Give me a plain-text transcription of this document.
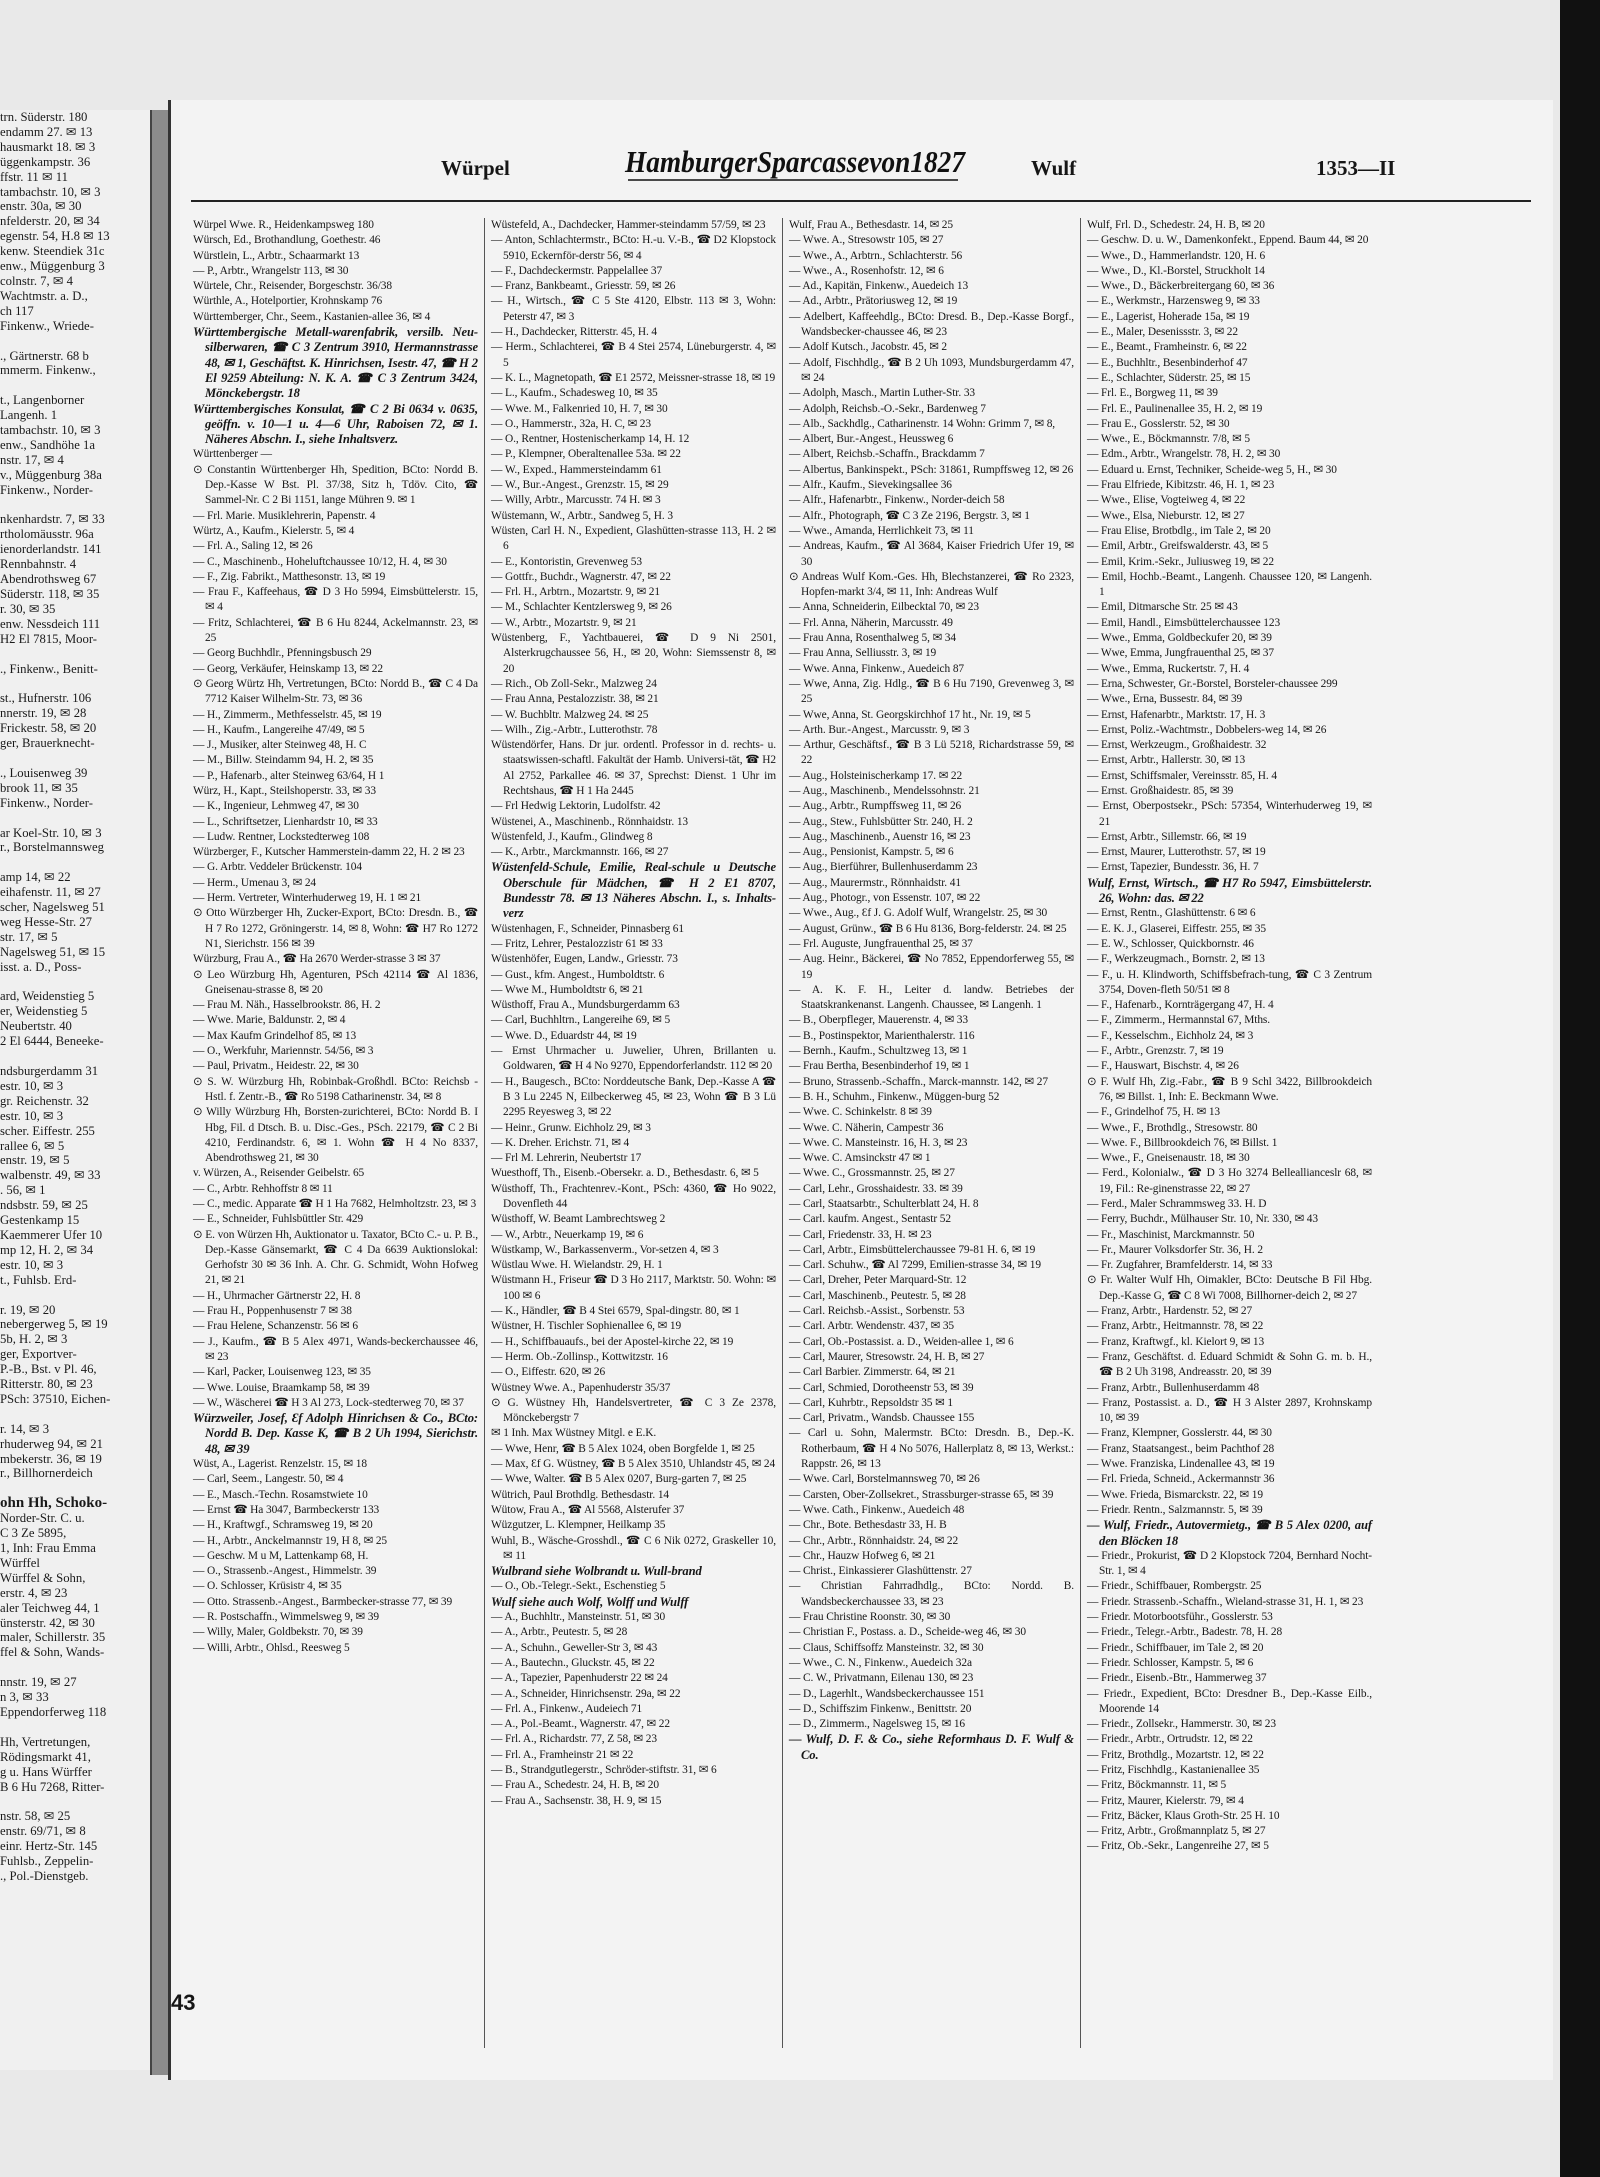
trn. Süderstr. 180
endamm 27. ✉ 13
hausmarkt 18. ✉ 3
üggenkampstr. 36
ffstr. 11 ✉ 11
tambachstr. 10, ✉ 3
enstr. 30a, ✉ 30
nfelderstr. 20, ✉ 34
egenstr. 54, H.8 ✉ 13
kenw. Steendiek 31c
enw., Müggenburg 3
colnstr. 7, ✉ 4
Wachtmstr. a. D.,
ch 117
Finkenw., Wriede-

., Gärtnerstr. 68 b
mmerm. Finkenw.,

t., Langenborner
Langenh. 1
tambachstr. 10, ✉ 3
enw., Sandhöhe 1a
nstr. 17, ✉ 4
v., Müggenburg 38a
Finkenw., Norder-

nkenhardstr. 7, ✉ 33
rtholomäusstr. 96a
ienorderlandstr. 141
Rennbahnstr. 4
Abendrothsweg 67
Süderstr. 118, ✉ 35
r. 30, ✉ 35
enw. Nessdeich 111
H2 El 7815, Moor-

., Finkenw., Benitt-

st., Hufnerstr. 106
nnerstr. 19, ✉ 28
Frickestr. 58, ✉ 20
ger, Brauerknecht-

., Louisenweg 39
brook 11, ✉ 35
Finkenw., Norder-

ar Koel-Str. 10, ✉ 3
r., Borstelmannsweg

amp 14, ✉ 22
eihafenstr. 11, ✉ 27
scher, Nagelsweg 51
weg Hesse-Str. 27
str. 17, ✉ 5
Nagelsweg 51, ✉ 15
isst. a. D., Poss-

ard, Weidenstieg 5
er, Weidenstieg 5
Neubertstr. 40
2 El 6444, Beneeke-

ndsburgerdamm 31
estr. 10, ✉ 3
gr. Reichenstr. 32
estr. 10, ✉ 3
scher. Eiffestr. 255
rallee 6, ✉ 5
enstr. 19, ✉ 5
walbenstr. 49, ✉ 33
. 56, ✉ 1
ndsbstr. 59, ✉ 25
Gestenkamp 15
Kaemmerer Ufer 10
mp 12, H. 2, ✉ 34
estr. 10, ✉ 3
t., Fuhlsb. Erd-

r. 19, ✉ 20
nebergerweg 5, ✉ 19
5b, H. 2, ✉ 3
ger, Exportver-
P.-B., Bst. v Pl. 46,
Ritterstr. 80, ✉ 23
PSch: 37510, Eichen-

r. 14, ✉ 3
rhuderweg 94, ✉ 21
mbekerstr. 36, ✉ 19
r., Billhornerdeich

ohn Hh, Schoko-
Norder-Str. C. u.
C 3 Ze 5895,
1, Inh: Frau Emma
Würffel
Würffel & Sohn,
erstr. 4, ✉ 23
aler Teichweg 44, 1
ünsterstr. 42, ✉ 30
maler, Schillerstr. 35
ffel & Sohn, Wands-

nnstr. 19, ✉ 27
n 3, ✉ 33
Eppendorferweg 118

Hh, Vertretungen,
Rödingsmarkt 41,
g u. Hans Würffer
B 6 Hu 7268, Ritter-

nstr. 58, ✉ 25
enstr. 69/71, ✉ 8
einr. Hertz-Str. 145
Fuhlsb., Zeppelin-
., Pol.-Dienstgeb.
Würpel	HamburgerSparcassevon1827	Wulf	1353—II

Würpel Wwe. R., Heidenkampsweg 180

Würsch, Ed., Brothandlung, Goethestr. 46

Würstlein, L., Arbtr., Schaarmarkt 13

— P., Arbtr., Wrangelstr 113, ✉ 30

Würtele, Chr., Reisender, Borgeschstr. 36/38

Würthle, A., Hotelportier, Krohnskamp 76

Württemberger, Chr., Seem., Kastanien-allee 36, ✉ 4

Württembergische Metall-warenfabrik, versilb. Neu-silberwaren, ☎ C 3 Zentrum 3910, Hermannstrasse 48, ✉ 1, Geschäftst. K. Hinrichsen, Isestr. 47, ☎ H 2 El 9259 Abteilung: N. K. A. ☎ C 3 Zentrum 3424, Mönckebergstr. 18

Württembergisches Konsulat, ☎ C 2 Bi 0634 v. 0635, geöffn. v. 10—1 u. 4—6 Uhr, Raboisen 72, ✉ 1. Näheres Abschn. I., siehe Inhaltsverz.

Württenberger —

⊙ Constantin Württenberger Hh, Spedition, BCto: Nordd B. Dep.-Kasse W Bst. Pl. 37/38, Sitz h, Tdöv. Cito, ☎ Sammel-Nr. C 2 Bi 1151, lange Mühren 9. ✉ 1

— Frl. Marie. Musiklehrerin, Papenstr. 4

Würtz, A., Kaufm., Kielerstr. 5, ✉ 4

— Frl. A., Saling 12, ✉ 26

— C., Maschinenb., Hoheluftchaussee 10/12, H. 4, ✉ 30

— F., Zig. Fabrikt., Matthesonstr. 13, ✉ 19

— Frau F., Kaffeehaus, ☎ D 3 Ho 5994, Eimsbüttelerstr. 15, ✉ 4

— Fritz, Schlachterei, ☎ B 6 Hu 8244, Ackelmannstr. 23, ✉ 25

— Georg Buchhdlr., Pfenningsbusch 29

— Georg, Verkäufer, Heinskamp 13, ✉ 22

⊙ Georg Würtz Hh, Vertretungen, BCto: Nordd B., ☎ C 4 Da 7712 Kaiser Wilhelm-Str. 73, ✉ 36

— H., Zimmerm., Methfesselstr. 45, ✉ 19

— H., Kaufm., Langereihe 47/49, ✉ 5

— J., Musiker, alter Steinweg 48, H. C

— M., Billw. Steindamm 94, H. 2, ✉ 35

— P., Hafenarb., alter Steinweg 63/64, H 1

Würz, H., Kapt., Steilshoperstr. 33, ✉ 33

— K., Ingenieur, Lehmweg 47, ✉ 30

— L., Schriftsetzer, Lienhardstr 10, ✉ 33

— Ludw. Rentner, Lockstedterweg 108

Würzberger, F., Kutscher Hammerstein-damm 22, H. 2 ✉ 23

— G. Arbtr. Veddeler Brückenstr. 104

— Herm., Umenau 3, ✉ 24

— Herm. Vertreter, Winterhuderweg 19, H. 1 ✉ 21

⊙ Otto Würzberger Hh, Zucker-Export, BCto: Dresdn. B., ☎ H 7 Ro 1272, Gröningerstr. 14, ✉ 8, Wohn: ☎ H7 Ro 1272 N1, Sierichstr. 156 ✉ 39

Würzburg, Frau A., ☎ Ha 2670 Werder-strasse 3 ✉ 37

⊙ Leo Würzburg Hh, Agenturen, PSch 42114 ☎ Al 1836, Gneisenau-strasse 8, ✉ 20

— Frau M. Näh., Hasselbrookstr. 86, H. 2

— Wwe. Marie, Baldunstr. 2, ✉ 4

— Max Kaufm Grindelhof 85, ✉ 13

— O., Werkfuhr, Mariennstr. 54/56, ✉ 3

— Paul, Privatm., Heidestr. 22, ✉ 30

⊙ S. W. Würzburg Hh, Robinbak-Großhdl. BCto: Reichsb -Hstl. f. Zentr.-B., ☎ Ro 5198 Catharinenstr. 34, ✉ 8

⊙ Willy Würzburg Hh, Borsten-zurichterei, BCto: Nordd B. I Hbg, Fil. d Dtsch. B. u. Disc.-Ges., PSch. 22179, ☎ C 2 Bi 4210, Ferdinandstr. 6, ✉ 1. Wohn ☎ H 4 No 8337, Abendrothsweg 21, ✉ 30

v. Würzen, A., Reisender Geibelstr. 65

— C., Arbtr. Rehhoffstr 8 ✉ 11

— C., medic. Apparate ☎ H 1 Ha 7682, Helmholtzstr. 23, ✉ 3

— E., Schneider, Fuhlsbüttler Str. 429

⊙ E. von Würzen Hh, Auktionator u. Taxator, BCto C.- u. P. B., Dep.-Kasse Gänsemarkt, ☎ C 4 Da 6639 Auktionslokal: Gerhofstr 30 ✉ 36 Inh. A. Chr. G. Schmidt, Wohn Hofweg 21, ✉ 21

— H., Uhrmacher Gärtnerstr 22, H. 8

— Frau H., Poppenhusenstr 7 ✉ 38

— Frau Helene, Schanzenstr. 56 ✉ 6

— J., Kaufm., ☎ B 5 Alex 4971, Wands-beckerchaussee 46, ✉ 23

— Karl, Packer, Louisenweg 123, ✉ 35

— Wwe. Louise, Braamkamp 58, ✉ 39

— W., Wäscherei ☎ H 3 Al 273, Lock-stedterweg 70, ✉ 37

Würzweiler, Josef, Ɛf Adolph Hinrichsen & Co., BCto: Nordd B. Dep. Kasse K, ☎ B 2 Uh 1994, Sierichstr. 48, ✉ 39

Wüst, A., Lagerist. Renzelstr. 15, ✉ 18

— Carl, Seem., Langestr. 50, ✉ 4

— E., Masch.-Techn. Rosamstwiete 10

— Ernst ☎ Ha 3047, Barmbeckerstr 133

— H., Kraftwgf., Schramsweg 19, ✉ 20

— H., Arbtr., Anckelmannstr 19, H 8, ✉ 25

— Geschw. M u M, Lattenkamp 68, H.

— O., Strassenb.-Angest., Himmelstr. 39

— O. Schlosser, Krüsistr 4, ✉ 35

— Otto. Strassenb.-Angest., Barmbecker-strasse 77, ✉ 39

— R. Postschaffn., Wimmelsweg 9, ✉ 39

— Willy, Maler, Goldbekstr. 70, ✉ 39

— Willi, Arbtr., Ohlsd., Reesweg 5

Wüstefeld, A., Dachdecker, Hammer-steindamm 57/59, ✉ 23

— Anton, Schlachtermstr., BCto: H.-u. V.-B., ☎ D2 Klopstock 5910, Eckernför-derstr 56, ✉ 4

— F., Dachdeckermstr. Pappelallee 37

— Franz, Bankbeamt., Griesstr. 59, ✉ 26

— H., Wirtsch., ☎ C 5 Ste 4120, Elbstr. 113 ✉ 3, Wohn: Peterstr 47, ✉ 3

— H., Dachdecker, Ritterstr. 45, H. 4

— Herm., Schlachterei, ☎ B 4 Stei 2574, Lüneburgerstr. 4, ✉ 5

— K. L., Magnetopath, ☎ E1 2572, Meissner-strasse 18, ✉ 19

— L., Kaufm., Schadesweg 10, ✉ 35

— Wwe. M., Falkenried 10, H. 7, ✉ 30

— O., Hammerstr., 32a, H. C, ✉ 23

— O., Rentner, Hostenischerkamp 14, H. 12

— P., Klempner, Oberaltenallee 53a. ✉ 22

— W., Exped., Hammersteindamm 61

— W., Bur.-Angest., Grenzstr. 15, ✉ 29

— Willy, Arbtr., Marcusstr. 74 H. ✉ 3

Wüstemann, W., Arbtr., Sandweg 5, H. 3

Wüsten, Carl H. N., Expedient, Glashütten-strasse 113, H. 2 ✉ 6

— E., Kontoristin, Grevenweg 53

— Gottfr., Buchdr., Wagnerstr. 47, ✉ 22

— Frl. H., Arbtrn., Mozartstr. 9, ✉ 21

— M., Schlachter Kentzlersweg 9, ✉ 26

— W., Arbtr., Mozartstr. 9, ✉ 21

Wüstenberg, F., Yachtbauerei, ☎ D 9 Ni 2501, Alsterkrugchaussee 56, H., ✉ 20, Wohn: Siemssenstr 8, ✉ 20

— Rich., Ob Zoll-Sekr., Malzweg 24

— Frau Anna, Pestalozzistr. 38, ✉ 21

— W. Buchbltr. Malzweg 24. ✉ 25

— Wilh., Zig.-Arbtr., Lutterothstr. 78

Wüstendörfer, Hans. Dr jur. ordentl. Professor in d. rechts- u. staatswissen-schaftl. Fakultät der Hamb. Universi-tät, ☎ H2 Al 2752, Parkallee 46. ✉ 37, Sprechst: Dienst. 1 Uhr im Rechtshaus, ☎ H 1 Ha 2445

— Frl Hedwig Lektorin, Ludolfstr. 42

Wüstenei, A., Maschinenb., Rönnhaidstr. 13

Wüstenfeld, J., Kaufm., Glindweg 8

— K., Arbtr., Marckmannstr. 166, ✉ 27

Wüstenfeld-Schule, Emilie, Real-schule u Deutsche Oberschule für Mädchen, ☎ H 2 E1 8707, Bundesstr 78. ✉ 13 Näheres Abschn. I., s. Inhalts-verz

Wüstenhagen, F., Schneider, Pinnasberg 61

— Fritz, Lehrer, Pestalozzistr 61 ✉ 33

Wüstenhöfer, Eugen, Landw., Griesstr. 73

— Gust., kfm. Angest., Humboldtstr. 6

— Wwe M., Humboldtstr 6, ✉ 21

Wüsthoff, Frau A., Mundsburgerdamm 63

— Carl, Buchhltrn., Langereihe 69, ✉ 5

— Wwe. D., Eduardstr 44, ✉ 19

— Ernst Uhrmacher u. Juwelier, Uhren, Brillanten u. Goldwaren, ☎ H 4 No 9270, Eppendorferlandstr. 112 ✉ 20

— H., Baugesch., BCto: Norddeutsche Bank, Dep.-Kasse A ☎ B 3 Lu 2245 N, Eilbeckerweg 45, ✉ 23, Wohn ☎ B 3 Lü 2295 Reyesweg 3, ✉ 22

— Heinr., Grunw. Eichholz 29, ✉ 3

— K. Dreher. Erichstr. 71, ✉ 4

— Frl M. Lehrerin, Neubertstr 17

Wuesthoff, Th., Eisenb.-Obersekr. a. D., Bethesdastr. 6, ✉ 5

Wüsthoff, Th., Frachtenrev.-Kont., PSch: 4360, ☎ Ho 9022, Dovenfleth 44

Wüsthoff, W. Beamt Lambrechtsweg 2

— W., Arbtr., Neuerkamp 19, ✉ 6

Wüstkamp, W., Barkassenverm., Vor-setzen 4, ✉ 3

Wüstlau Wwe. H. Wielandstr. 29, H. 1

Wüstmann H., Friseur ☎ D 3 Ho 2117, Marktstr. 50. Wohn: ✉ 100 ✉ 6

— K., Händler, ☎ B 4 Stei 6579, Spal-dingstr. 80, ✉ 1

Wüstner, H. Tischler Sophienallee 6, ✉ 19

— H., Schiffbauaufs., bei der Apostel-kirche 22, ✉ 19

— Herm. Ob.-Zollinsp., Kottwitzstr. 16

— O., Eiffestr. 620, ✉ 26

Wüstney Wwe. A., Papenhuderstr 35/37

⊙ G. Wüstney Hh, Handelsvertreter, ☎ C 3 Ze 2378, Mönckebergstr 7

✉ 1 Inh. Max Wüstney Mitgl. e E.K.

— Wwe, Henr, ☎ B 5 Alex 1024, oben Borgfelde 1, ✉ 25

— Max, Ɛf G. Wüstney, ☎ B 5 Alex 3510, Uhlandstr 45, ✉ 24

— Wwe, Walter. ☎ B 5 Alex 0207, Burg-garten 7, ✉ 25

Wütrich, Paul Brothdlg. Bethesdastr. 14

Wütow, Frau A., ☎ Al 5568, Alsterufer 37

Wüzgutzer, L. Klempner, Heilkamp 35

Wuhl, B., Wäsche-Grosshdl., ☎ C 6 Nik 0272, Graskeller 10, ✉ 11

Wulbrand siehe Wolbrandt u. Wull-brand

— O., Ob.-Telegr.-Sekt., Eschenstieg 5

Wulf siehe auch Wolf, Wolff und Wulff

— A., Buchhltr., Mansteinstr. 51, ✉ 30

— A., Arbtr., Peutestr. 5, ✉ 28

— A., Schuhn., Geweller-Str 3, ✉ 43

— A., Bautechn., Gluckstr. 45, ✉ 22

— A., Tapezier, Papenhuderstr 22 ✉ 24

— A., Schneider, Hinrichsenstr. 29a, ✉ 22

— Frl. A., Finkenw., Audeiech 71

— A., Pol.-Beamt., Wagnerstr. 47, ✉ 22

— Frl. A., Richardstr. 77, Z 58, ✉ 23

— Frl. A., Framheinstr 21 ✉ 22

— B., Strandgutlegerstr., Schröder-stiftstr. 31, ✉ 6

— Frau A., Schedestr. 24, H. B, ✉ 20

— Frau A., Sachsenstr. 38, H. 9, ✉ 15

Wulf, Frau A., Bethesdastr. 14, ✉ 25

— Wwe. A., Stresowstr 105, ✉ 27

— Wwe., A., Arbtrn., Schlachterstr. 56

— Wwe., A., Rosenhofstr. 12, ✉ 6

— Ad., Kapitän, Finkenw., Auedeich 13

— Ad., Arbtr., Prätoriusweg 12, ✉ 19

— Adelbert, Kaffeehdlg., BCto: Dresd. B., Dep.-Kasse Borgf., Wandsbecker-chaussee 46, ✉ 23

— Adolf Kutsch., Jacobstr. 45, ✉ 2

— Adolf, Fischhdlg., ☎ B 2 Uh 1093, Mundsburgerdamm 47, ✉ 24

— Adolph, Masch., Martin Luther-Str. 33

— Adolph, Reichsb.-O.-Sekr., Bardenweg 7

— Alb., Sackhdlg., Catharinenstr. 14 Wohn: Grimm 7, ✉ 8,

— Albert, Bur.-Angest., Heussweg 6

— Albert, Reichsb.-Schaffn., Brackdamm 7

— Albertus, Bankinspekt., PSch: 31861, Rumpffsweg 12, ✉ 26

— Alfr., Kaufm., Sievekingsallee 36

— Alfr., Hafenarbtr., Finkenw., Norder-deich 58

— Alfr., Photograph, ☎ C 3 Ze 2196, Bergstr. 3, ✉ 1

— Wwe., Amanda, Herrlichkeit 73, ✉ 11

— Andreas, Kaufm., ☎ Al 3684, Kaiser Friedrich Ufer 19, ✉ 30

⊙ Andreas Wulf Kom.-Ges. Hh, Blechstanzerei, ☎ Ro 2323, Hopfen-markt 3/4, ✉ 11, Inh: Andreas Wulf

— Anna, Schneiderin, Eilbecktal 70, ✉ 23

— Frl. Anna, Näherin, Marcusstr. 49

— Frau Anna, Rosenthalweg 5, ✉ 34

— Frau Anna, Selliusstr. 3, ✉ 19

— Wwe. Anna, Finkenw., Auedeich 87

— Wwe, Anna, Zig. Hdlg., ☎ B 6 Hu 7190, Grevenweg 3, ✉ 25

— Wwe, Anna, St. Georgskirchhof 17 ht., Nr. 19, ✉ 5

— Arth. Bur.-Angest., Marcusstr. 9, ✉ 3

— Arthur, Geschäftsf., ☎ B 3 Lü 5218, Richardstrasse 59, ✉ 22

— Aug., Holsteinischerkamp 17. ✉ 22

— Aug., Maschinenb., Mendelssohnstr. 21

— Aug., Arbtr., Rumpffsweg 11, ✉ 26

— Aug., Stew., Fuhlsbütter Str. 240, H. 2

— Aug., Maschinenb., Auenstr 16, ✉ 23

— Aug., Pensionist, Kampstr. 5, ✉ 6

— Aug., Bierführer, Bullenhuserdamm 23

— Aug., Maurermstr., Rönnhaidstr. 41

— Aug., Photogr., von Essenstr. 107, ✉ 22

— Wwe., Aug., Ɛf J. G. Adolf Wulf, Wrangelstr. 25, ✉ 30

— August, Grünw., ☎ B 6 Hu 8136, Borg-felderstr. 24. ✉ 25

— Frl. Auguste, Jungfrauenthal 25, ✉ 37

— Aug. Heinr., Bäckerei, ☎ No 7852, Eppendorferweg 55, ✉ 19

— A. K. F. H., Leiter d. landw. Betriebes der Staatskrankenanst. Langenh. Chaussee, ✉ Langenh. 1

— B., Oberpfleger, Mauerenstr. 4, ✉ 33

— B., Postinspektor, Marienthalerstr. 116

— Bernh., Kaufm., Schultzweg 13, ✉ 1

— Frau Bertha, Besenbinderhof 19, ✉ 1

— Bruno, Strassenb.-Schaffn., Marck-mannstr. 142, ✉ 27

— B. H., Schuhm., Finkenw., Müggen-burg 52

— Wwe. C. Schinkelstr. 8 ✉ 39

— Wwe. C. Näherin, Campestr 36

— Wwe. C. Mansteinstr. 16, H. 3, ✉ 23

— Wwe. C. Amsinckstr 47 ✉ 1

— Wwe. C., Grossmannstr. 25, ✉ 27

— Carl, Lehr., Grosshaidestr. 33. ✉ 39

— Carl, Staatsarbtr., Schulterblatt 24, H. 8

— Carl. kaufm. Angest., Sentastr 52

— Carl, Friedenstr. 33, H. ✉ 23

— Carl, Arbtr., Eimsbüttelerchaussee 79-81 H. 6, ✉ 19

— Carl. Schuhw., ☎ Al 7299, Emilien-strasse 34, ✉ 19

— Carl, Dreher, Peter Marquard-Str. 12

— Carl, Maschinenb., Peutestr. 5, ✉ 28

— Carl. Reichsb.-Assist., Sorbenstr. 53

— Carl. Arbtr. Wendenstr. 437, ✉ 35

— Carl, Ob.-Postassist. a. D., Weiden-allee 1, ✉ 6

— Carl, Maurer, Stresowstr. 24, H. B, ✉ 27

— Carl Barbier. Zimmerstr. 64, ✉ 21

— Carl, Schmied, Dorotheenstr 53, ✉ 39

— Carl, Kuhrbtr., Repsoldstr 35 ✉ 1

— Carl, Privatm., Wandsb. Chaussee 155

— Carl u. Sohn, Malermstr. BCto: Dresdn. B., Dep.-K. Rotherbaum, ☎ H 4 No 5076, Hallerplatz 8, ✉ 13, Werkst.: Rappstr. 26, ✉ 13

— Wwe. Carl, Borstelmannsweg 70, ✉ 26

— Carsten, Ober-Zollsekret., Strassburger-strasse 65, ✉ 39

— Wwe. Cath., Finkenw., Auedeich 48

— Chr., Bote. Bethesdastr 33, H. B

— Chr., Arbtr., Rönnhaidstr. 24, ✉ 22

— Chr., Hauzw Hofweg 6, ✉ 21

— Christ., Einkassierer Glashüttenstr. 27

— Christian Fahrradhdlg., BCto: Nordd. B. Wandsbeckerchaussee 33, ✉ 23

— Frau Christine Roonstr. 30, ✉ 30

— Christian F., Postass. a. D., Scheide-weg 46, ✉ 30

— Claus, Schiffsoffz Mansteinstr. 32, ✉ 30

— Wwe., C. N., Finkenw., Auedeich 32a

— C. W., Privatmann, Eilenau 130, ✉ 23

— D., Lagerhlt., Wandsbeckerchaussee 151

— D., Schiffszim Finkenw., Benittstr. 20

— D., Zimmerm., Nagelsweg 15, ✉ 16

— Wulf, D. F. & Co., siehe Reformhaus D. F. Wulf & Co.

Wulf, Frl. D., Schedestr. 24, H. B, ✉ 20

— Geschw. D. u. W., Damenkonfekt., Eppend. Baum 44, ✉ 20

— Wwe., D., Hammerlandstr. 120, H. 6

— Wwe., D., Kl.-Borstel, Struckholt 14

— Wwe., D., Bäckerbreitergang 60, ✉ 36

— E., Werkmstr., Harzensweg 9, ✉ 33

— E., Lagerist, Hoherade 15a, ✉ 19

— E., Maler, Desenissstr. 3, ✉ 22

— E., Beamt., Framheinstr. 6, ✉ 22

— E., Buchhltr., Besenbinderhof 47

— E., Schlachter, Süderstr. 25, ✉ 15

— Frl. E., Borgweg 11, ✉ 39

— Frl. E., Paulinenallee 35, H. 2, ✉ 19

— Frau E., Gosslerstr. 52, ✉ 30

— Wwe., E., Böckmannstr. 7/8, ✉ 5

— Edm., Arbtr., Wrangelstr. 78, H. 2, ✉ 30

— Eduard u. Ernst, Techniker, Scheide-weg 5, H., ✉ 30

— Frau Elfriede, Kibitzstr. 46, H. 1, ✉ 23

— Wwe., Elise, Vogteiweg 4, ✉ 22

— Wwe., Elsa, Nieburstr. 12, ✉ 27

— Frau Elise, Brotbdlg., im Tale 2, ✉ 20

— Emil, Arbtr., Greifswalderstr. 43, ✉ 5

— Emil, Krim.-Sekr., Juliusweg 19, ✉ 22

— Emil, Hochb.-Beamt., Langenh. Chaussee 120, ✉ Langenh. 1

— Emil, Ditmarsche Str. 25 ✉ 43

— Emil, Handl., Eimsbüttelerchaussee 123

— Wwe., Emma, Goldbeckufer 20, ✉ 39

— Wwe, Emma, Jungfrauenthal 25, ✉ 37

— Wwe., Emma, Ruckertstr. 7, H. 4

— Erna, Schwester, Gr.-Borstel, Borsteler-chaussee 299

— Wwe., Erna, Bussestr. 84, ✉ 39

— Ernst, Hafenarbtr., Marktstr. 17, H. 3

— Ernst, Poliz.-Wachtmstr., Dobbelers-weg 14, ✉ 26

— Ernst, Werkzeugm., Großhaidestr. 32

— Ernst, Arbtr., Hallerstr. 30, ✉ 13

— Ernst, Schiffsmaler, Vereinsstr. 85, H. 4

— Ernst. Großhaidestr. 85, ✉ 39

— Ernst, Oberpostsekr., PSch: 57354, Winterhuderweg 19, ✉ 21

— Ernst, Arbtr., Sillemstr. 66, ✉ 19

— Ernst, Maurer, Lutterothstr. 57, ✉ 19

— Ernst, Tapezier, Bundesstr. 36, H. 7

Wulf, Ernst, Wirtsch., ☎ H7 Ro 5947, Eimsbüttelerstr. 26, Wohn: das. ✉ 22

— Ernst, Rentn., Glashüttenstr. 6 ✉ 6

— E. K. J., Glaserei, Eiffestr. 255, ✉ 35

— E. W., Schlosser, Quickbornstr. 46

— F., Werkzeugmach., Bornstr. 2, ✉ 13

— F., u. H. Klindworth, Schiffsbefrach-tung, ☎ C 3 Zentrum 3754, Doven-fleth 50/51 ✉ 8

— F., Hafenarb., Kornträgergang 47, H. 4

— F., Zimmerm., Hermannstal 67, Mths.

— F., Kesselschm., Eichholz 24, ✉ 3

— F., Arbtr., Grenzstr. 7, ✉ 19

— F., Hauswart, Bischstr. 4, ✉ 26

⊙ F. Wulf Hh, Zig.-Fabr., ☎ B 9 Schl 3422, Billbrookdeich 76, ✉ Billst. 1, Inh: E. Beckmann Wwe.

— F., Grindelhof 75, H. ✉ 13

— Wwe., F., Brothdlg., Stresowstr. 80

— Wwe. F., Billbrookdeich 76, ✉ Billst. 1

— Wwe., F., Gneisenaustr. 18, ✉ 30

— Ferd., Kolonialw., ☎ D 3 Ho 3274 Belleallianceslr 68, ✉ 19, Fil.: Re-ginenstrasse 22, ✉ 27

— Ferd., Maler Schrammsweg 33. H. D

— Ferry, Buchdr., Mülhauser Str. 10, Nr. 330, ✉ 43

— Fr., Maschinist, Marckmannstr. 50

— Fr., Maurer Volksdorfer Str. 36, H. 2

— Fr. Zugfahrer, Bramfelderstr. 14, ✉ 33

⊙ Fr. Walter Wulf Hh, Oimakler, BCto: Deutsche B Fil Hbg. Dep.-Kasse G, ☎ C 8 Wi 7008, Billhorner-deich 2, ✉ 27

— Franz, Arbtr., Hardenstr. 52, ✉ 27

— Franz, Arbtr., Heitmannstr. 78, ✉ 22

— Franz, Kraftwgf., kl. Kielort 9, ✉ 13

— Franz, Geschäftst. d. Eduard Schmidt & Sohn G. m. b. H., ☎ B 2 Uh 3198, Andreasstr. 20, ✉ 39

— Franz, Arbtr., Bullenhuserdamm 48

— Franz, Postassist. a. D., ☎ H 3 Alster 2897, Krohnskamp 10, ✉ 39

— Franz, Klempner, Gosslerstr. 44, ✉ 30

— Franz, Staatsangest., beim Pachthof 28

— Wwe. Franziska, Lindenallee 43, ✉ 19

— Frl. Frieda, Schneid., Ackermannstr 36

— Wwe. Frieda, Bismarckstr. 22, ✉ 19

— Friedr. Rentn., Salzmannstr. 5, ✉ 39

— Wulf, Friedr., Autovermietg., ☎ B 5 Alex 0200, auf den Blöcken 18

— Friedr., Prokurist, ☎ D 2 Klopstock 7204, Bernhard Nocht-Str. 1, ✉ 4

— Friedr., Schiffbauer, Rombergstr. 25

— Friedr. Strassenb.-Schaffn., Wieland-strasse 31, H. 1, ✉ 23

— Friedr. Motorbootsführ., Gosslerstr. 53

— Friedr., Telegr.-Arbtr., Badestr. 78, H. 28

— Friedr., Schiffbauer, im Tale 2, ✉ 20

— Friedr. Schlosser, Kampstr. 5, ✉ 6

— Friedr., Eisenb.-Btr., Hammerweg 37

— Friedr., Expedient, BCto: Dresdner B., Dep.-Kasse Eilb., Moorende 14

— Friedr., Zollsekr., Hammerstr. 30, ✉ 23

— Friedr., Arbtr., Ortrudstr. 12, ✉ 22

— Fritz, Brothdlg., Mozartstr. 12, ✉ 22

— Fritz, Fischhdlg., Kastanienallee 35

— Fritz, Böckmannstr. 11, ✉ 5

— Fritz, Maurer, Kielerstr. 79, ✉ 4

— Fritz, Bäcker, Klaus Groth-Str. 25 H. 10

— Fritz, Arbtr., Großmannplatz 5, ✉ 27

— Fritz, Ob.-Sekr., Langenreihe 27, ✉ 5

43
